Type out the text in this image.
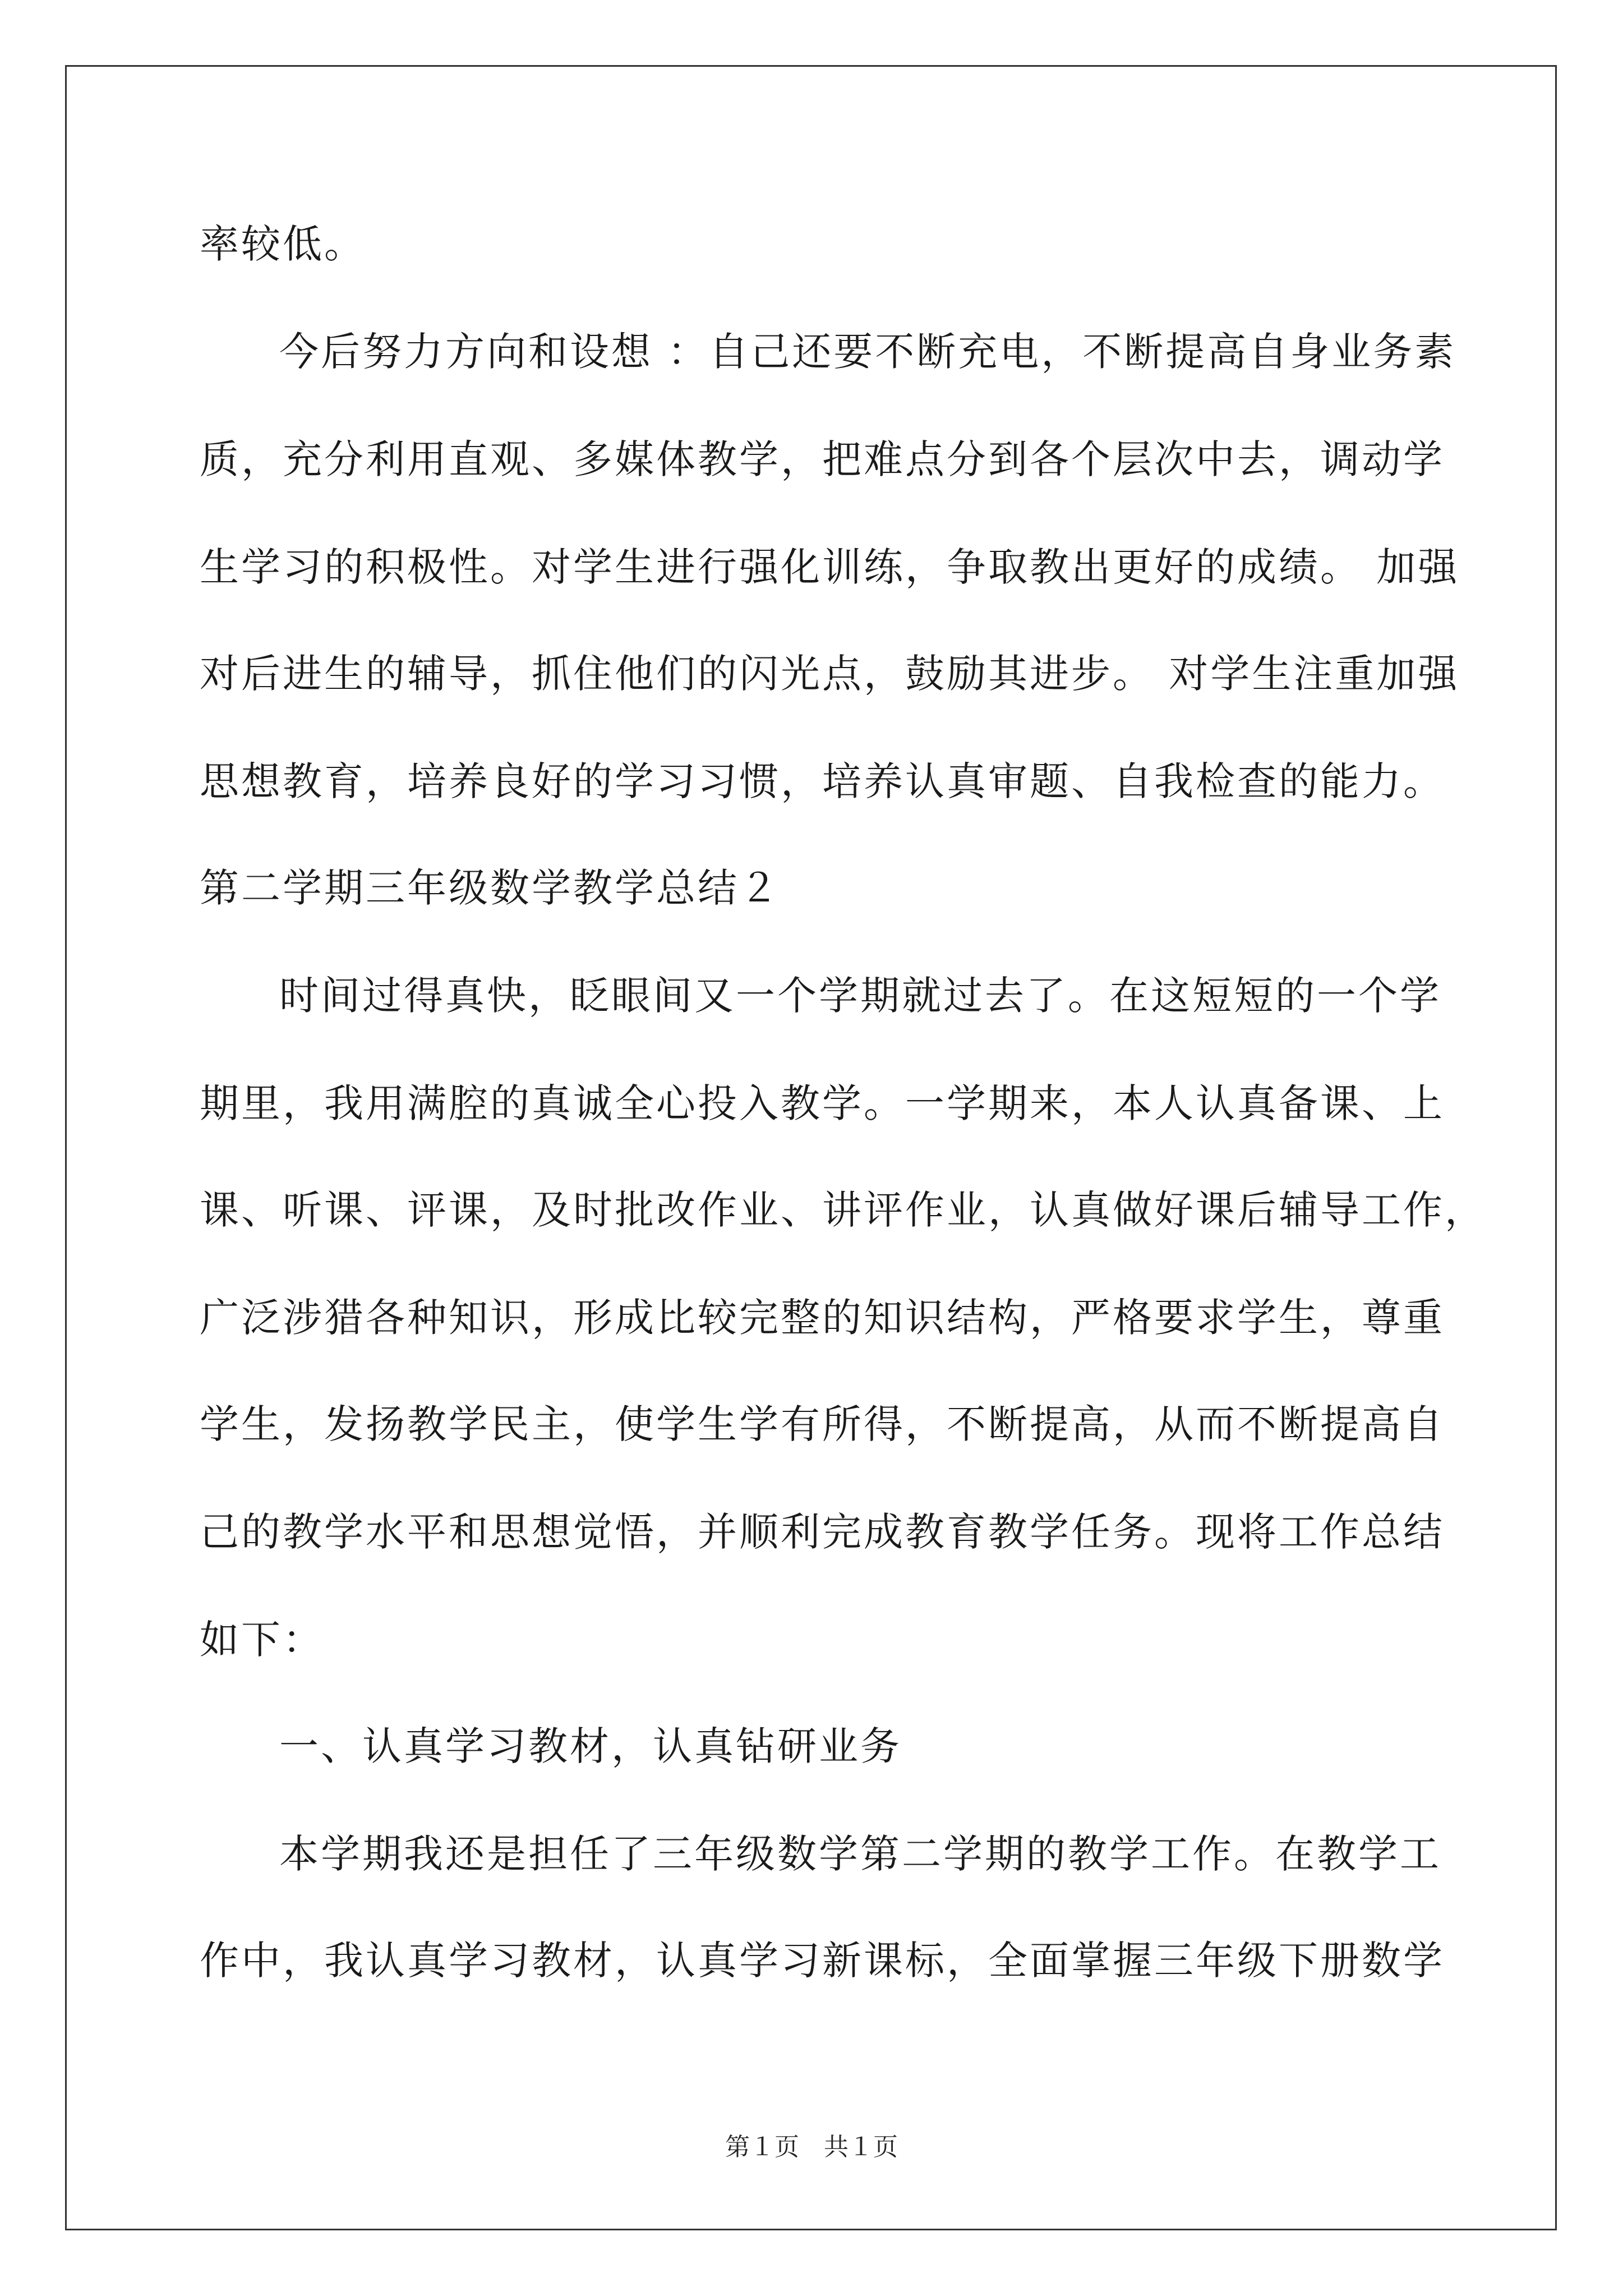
率较低。
今后努力方向和设想 ：自己还要不断充电，不断提高自身业务素
质，充分利用直观、多媒体教学，把难点分到各个层次中去，调动学
生学习的积极性。对学生进行强化训练，争取教出更好的成绩。 加强
对后进生的辅导，抓住他们的闪光点，鼓励其进步。 对学生注重加强
思想教育，培养良好的学习习惯，培养认真审题、自我检查的能力。
第二学期三年级数学教学总结２
时间过得真快，眨眼间又一个学期就过去了。在这短短的一个学
期里，我用满腔的真诚全心投入教学。一学期来，本人认真备课、上
课、听课、评课，及时批改作业、讲评作业，认真做好课后辅导工作，
广泛涉猎各种知识，形成比较完整的知识结构，严格要求学生，尊重
学生，发扬教学民主，使学生学有所得，不断提高，从而不断提高自
己的教学水平和思想觉悟，并顺利完成教育教学任务。现将工作总结
如下：
一、认真学习教材，认真钻研业务
本学期我还是担任了三年级数学第二学期的教学工作。在教学工
作中，我认真学习教材，认真学习新课标，全面掌握三年级下册数学
第１页　共１页
